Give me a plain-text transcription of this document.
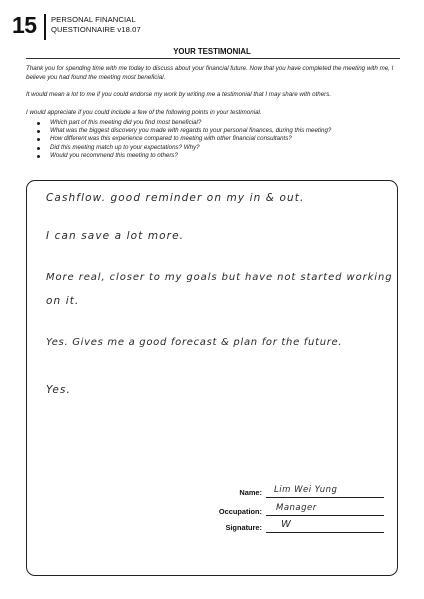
15 PERSONAL FINANCIAL
QUESTIONNAIRE v18.07
YOUR TESTIMONIAL

Thank you for spending time with me today to discuss about your financial future. Now that you have completed the meeting with me, I believe you had found the meeting most beneficial.

It would mean a lot to me if you could endorse my work by writing me a testimonial that I may share with others.

I would appreciate if you could include a few of the following points in your testimonial.

Which part of this meeting did you find most beneficial?
What was the biggest discovery you made with regards to your personal finances, during this meeting?
How different was this experience compared to meeting with other financial consultants?
Did this meeting match up to your expectations? Why?
Would you recommend this meeting to others?
Cashflow. good reminder on my in & out.
I can save a lot more.
More real, closer to my goals but have not started working
on it.
Yes. Gives me a good forecast & plan for the future.
Yes.
Name: Lim Wei Yung
Occupation: Manager
Signature: W
